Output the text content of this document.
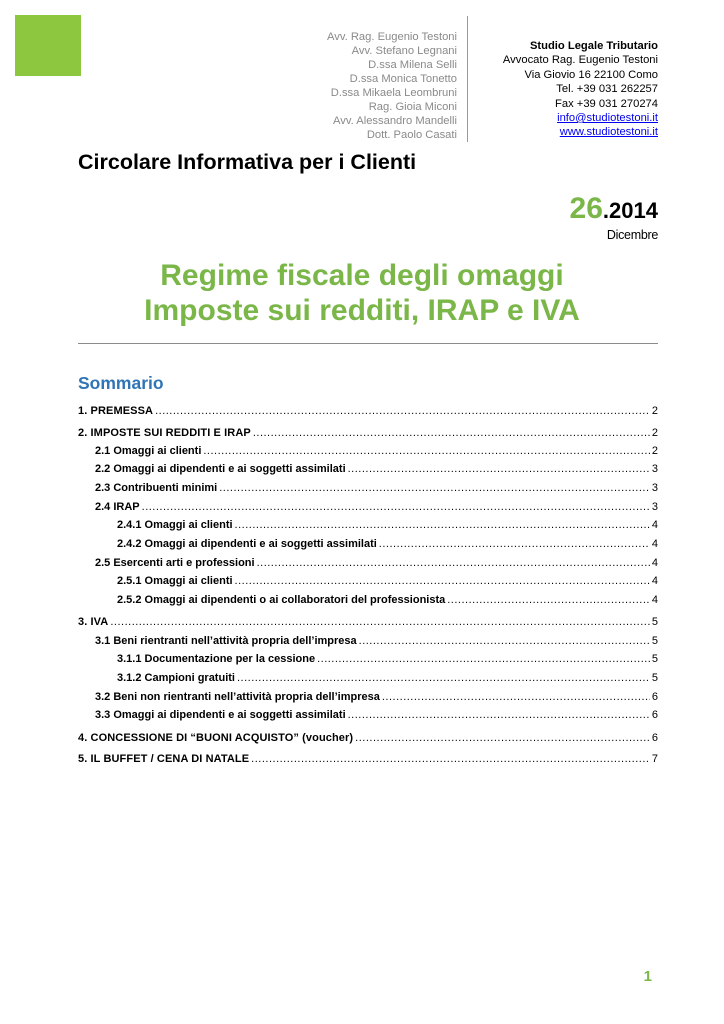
Avv. Rag. Eugenio Testoni
Avv. Stefano Legnani
D.ssa Milena Selli
D.ssa Monica Tonetto
D.ssa Mikaela Leombruni
Rag. Gioia Miconi
Avv. Alessandro Mandelli
Dott. Paolo Casati
Studio Legale Tributario
Avvocato Rag. Eugenio Testoni
Via Giovio 16 22100 Como
Tel. +39 031 262257
Fax +39 031 270274
info@studiotestoni.it
www.studiotestoni.it
Circolare Informativa per i Clienti
26.2014
Dicembre
Regime fiscale degli omaggi
Imposte sui redditi, IRAP e IVA
Sommario
1. PREMESSA .....	2
2. IMPOSTE SUI REDDITI E IRAP .....	2
2.1 Omaggi ai clienti .....	2
2.2 Omaggi ai dipendenti e ai soggetti assimilati .....	3
2.3 Contribuenti minimi .....	3
2.4 IRAP .....	3
2.4.1 Omaggi ai clienti .....	4
2.4.2 Omaggi ai dipendenti e ai soggetti assimilati .....	4
2.5 Esercenti arti e professioni .....	4
2.5.1 Omaggi ai clienti .....	4
2.5.2 Omaggi ai dipendenti o ai collaboratori del professionista .....	4
3. IVA .....	5
3.1 Beni rientranti nell’attività propria dell’impresa .....	5
3.1.1 Documentazione per la cessione .....	5
3.1.2 Campioni gratuiti .....	5
3.2 Beni non rientranti nell’attività propria dell’impresa .....	6
3.3 Omaggi ai dipendenti e ai soggetti assimilati .....	6
4. CONCESSIONE DI “BUONI ACQUISTO” (voucher) .....	6
5. IL BUFFET / CENA DI NATALE .....	7
1
